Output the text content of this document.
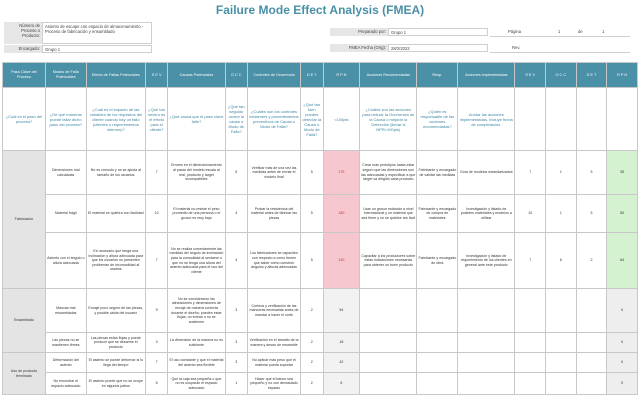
Failure Mode Effect Analysis (FMEA)
Número de Proceso o Producto:
Asiento de escape con espacio de almacenamiento - Proceso de fabricación y ensamblado
Encargado:	Grupo 1
Preparado por:	Grupo 1	Página	1	de	1
FMEA Fecha (Orig):	28/2/2022	Rev.
Paso Clave del Proceso	Modos de Falla Potenciales	Efecto de Fallas Potenciales	S E V	Causas Potenciales	O C C	Controles de Ocurrencia	D E T	R P N	Acciones Recomendadas	Resp.	Acciones Implementadas	S E V	O C C	D E T	R P N
¿Cuál es el paso del proceso?	¿De qué maneras puede fallar dicho paso del proceso?	¿Cuál es el impacto de las variables de los requisitos del cliente cuando hay un fallo (clientes o requerimientos internos)?	¿Qué tan severo es el efecto para el cliente?	¿Qué causa que el paso clave falle?	¿Qué tan seguido ocurre la causa o Modo de Falla?	¿Cuáles son los controles existentes y procedimientos preventivos de Causa o Modo de Falla?	¿Qué tan bien puedes detectar la Causa o Modo de Falla?	<100pts	¿Cuáles son las acciones para reducir la Ocurrencia de la Causa o mejorar la Detección (llenar si NPR>100pts)	¿Quién es responsable de las acciones recomendadas?	Anotar las acciones implementadas. Incluye fecha de completación.				
Fabricación	Dimensiones mal calculadas	No es cómodo y no se ajusta al tamaño de los usuarios	7	Errores en el dimensionamiento al pasar del modelo escala al real, producto y target incompatibles	5	Verificar más de una vez las medidas antes de enviar el modelo final	5	175	Crear más prototipos hasta estar seguro que las dimensiones son las adecuadas y especificar a que target va dirigido cada producto	Fabricante y encargado de validar las medidas	Guía de modelos estandarizados	7	1	5	35
	Material frágil	El material se quiebra con facilidad	10	El material no resiste el peso promedio de una persona o el grosor es muy bajo	4	Probar la resistencia del material antes de fabricar las piezas	5	180	Usar un grosor estándar a nivel internacional y un material que sea firme y no se quiebre tan fácil	Fabricante y encargado de compra de materiales	Investigación y listado de posibles materiales y modelos a utilizar	10	1	5	50
	Asiento con el ángulo o altura adecuada	Es necesario que tenga una inclinación y altura adecuada para que los usuarios no presenten problemas de incomodidad al usarlos	7	No se realiza correctamente las medidas del ángulo de inclinación para la comodidad al sentarse o que no se tenga una altura del asiento adecuada para el uso del cliente	4	Los fabricadores se capaciten con respecto a como tienen que saber cómo construir ángulos y alturas adecuadas	5	140	Capacitar a los productores sobre estas indicaciones necesarias para obtener un buen producto	Fabricante y encargado de obra	Investigación y listado de requerimiento de los clientes en general ante este producto	7	6	2	84
Ensamblado	Mancas mal ensambladas	Encaje poco seguro de las piezas, y posible caída del usuario	9	No se consideraron las alineaciones y dimensiones de encaje de manera correcta durante el diseño; pueden estar flojas, no entran o no se sostienen	3	Corteos y verificación de las manceras necesarias antes de mandar a hacer el corte	2	54							0
	Las piezas no se mantienen firmes	Las piezas están flojas y puede producir que se desarme el producto	3	La dimensión de la manera no es suficiente	3	Verificación en el tamaño de la manera y desao de ensamble	2	18							0
Uso de producto terminado	Deformación del asiento	El asiento se puede deformar si lo llega del tiempo	7	El uso constante y que el material del asiento sea flexible	3	No aplicar más peso que el material pueda soportar	2	42							0
	No encontrar el espacio adecuado	El asiento puede que no se ocupe en algunos patios	6	Que la caja sea pequeña o que no es ocuparán el espacio adecuado	1	Hacer que el banco sea pequeño y no con demasiado espacio	2	6							0
